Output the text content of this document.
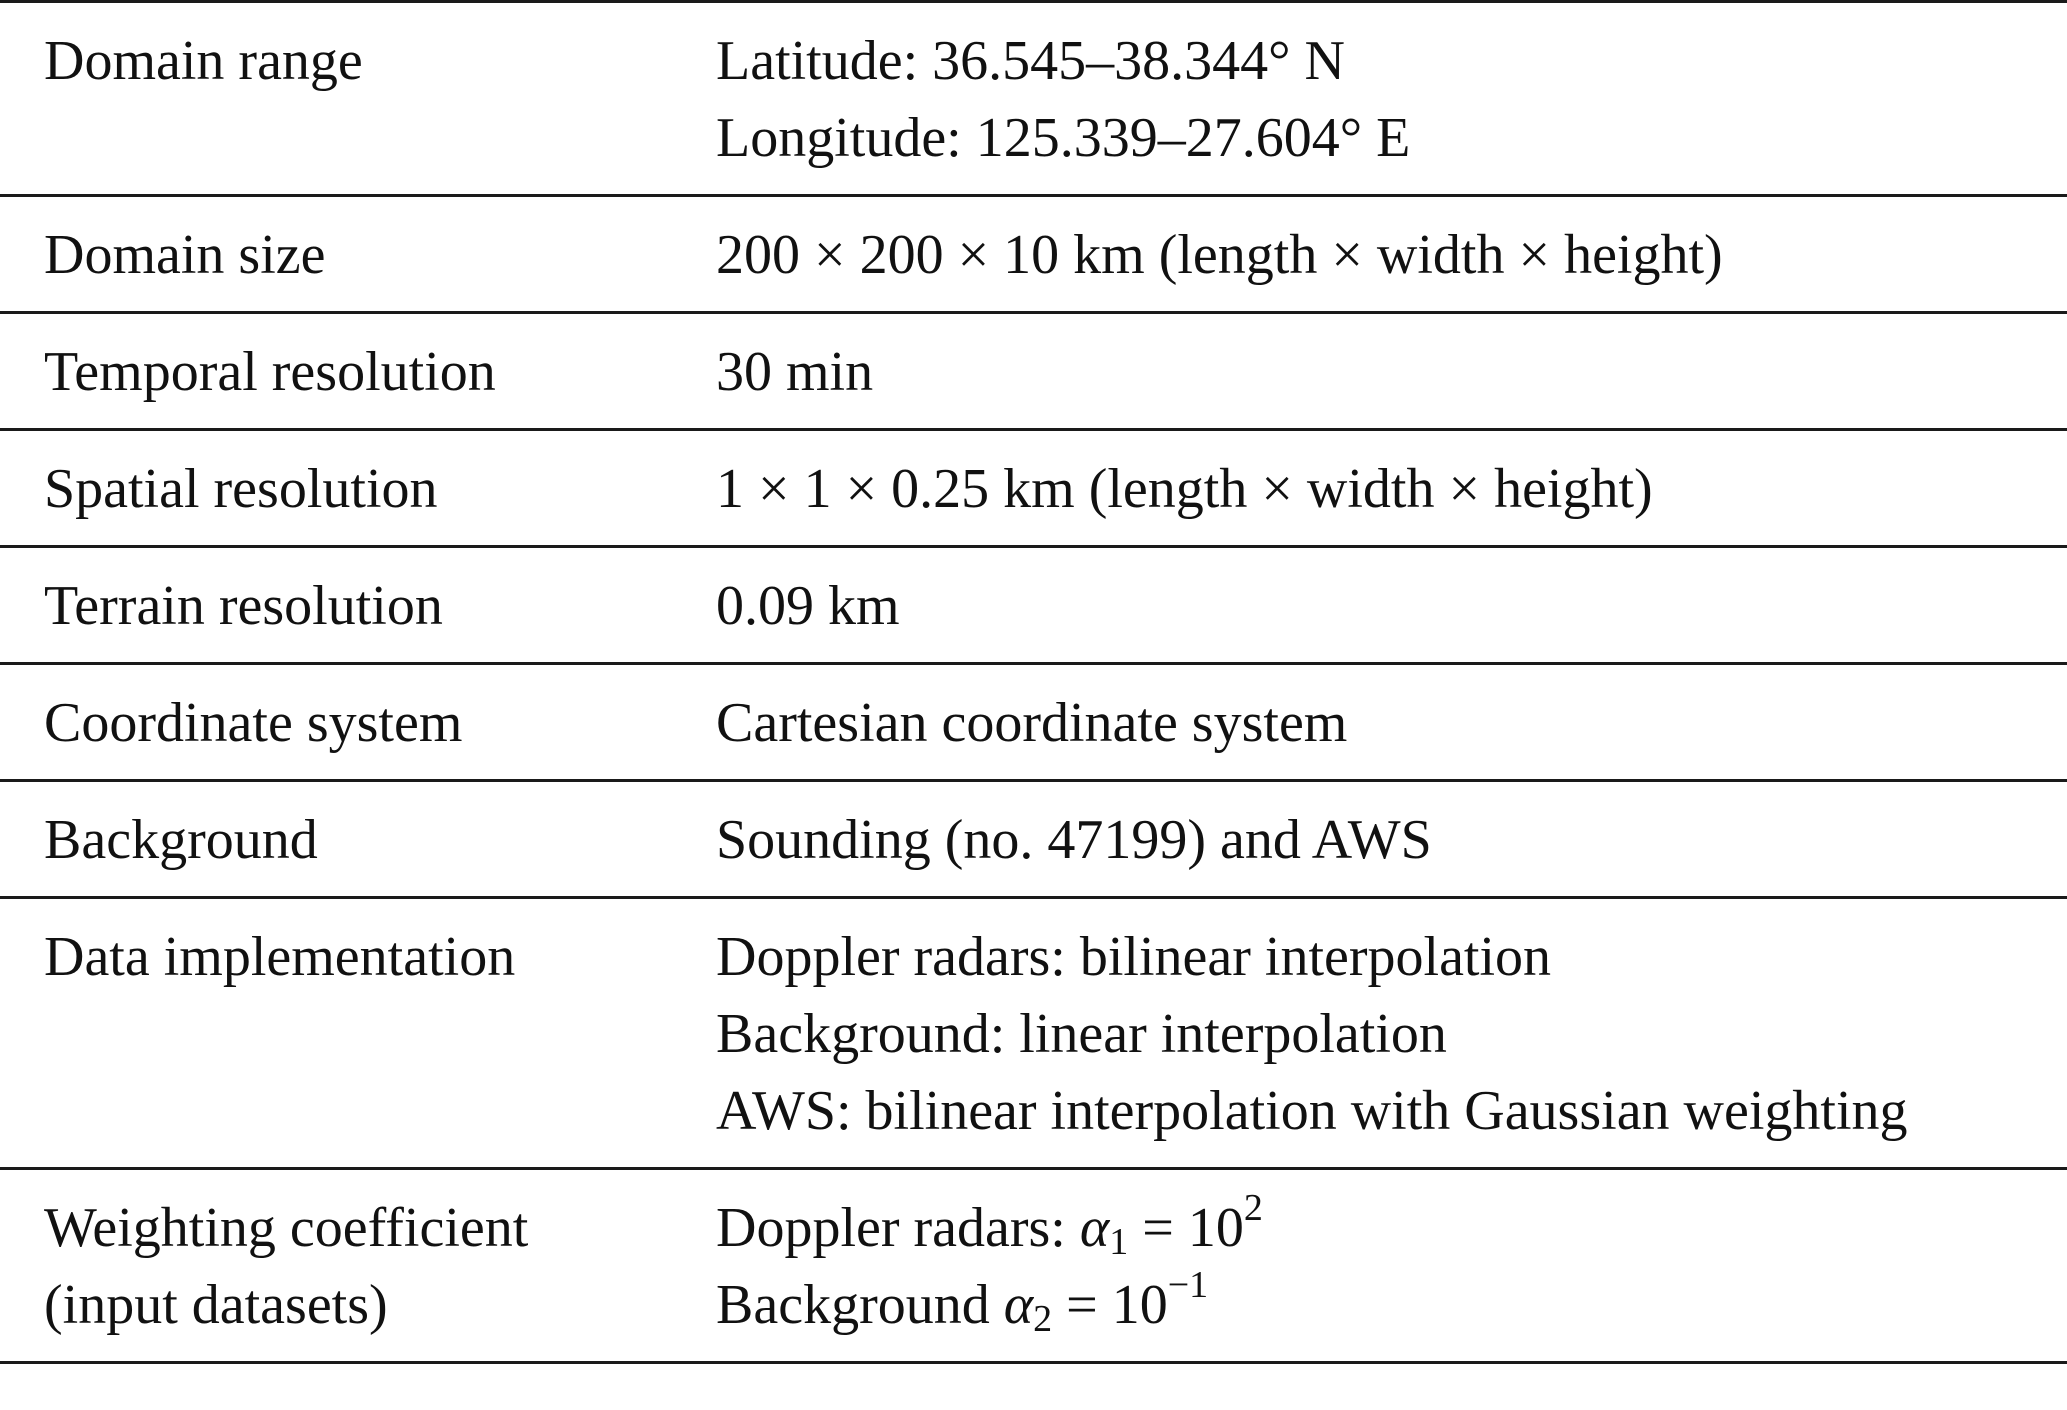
Domain range	Latitude: 36.545–38.344° N
Longitude: 125.339–27.604° E

Domain size	200 × 200 × 10 km (length × width × height)

Temporal resolution	30 min

Spatial resolution	1 × 1 × 0.25 km (length × width × height)

Terrain resolution	0.09 km

Coordinate system	Cartesian coordinate system

Background	Sounding (no. 47199) and AWS

Data implementation	Doppler radars: bilinear interpolation
Background: linear interpolation
AWS: bilinear interpolation with Gaussian weighting

Weighting coefficient
(input datasets)	Doppler radars: $\alpha_1 = 10^2$
Background $\alpha_2 = 10^{-1}$
